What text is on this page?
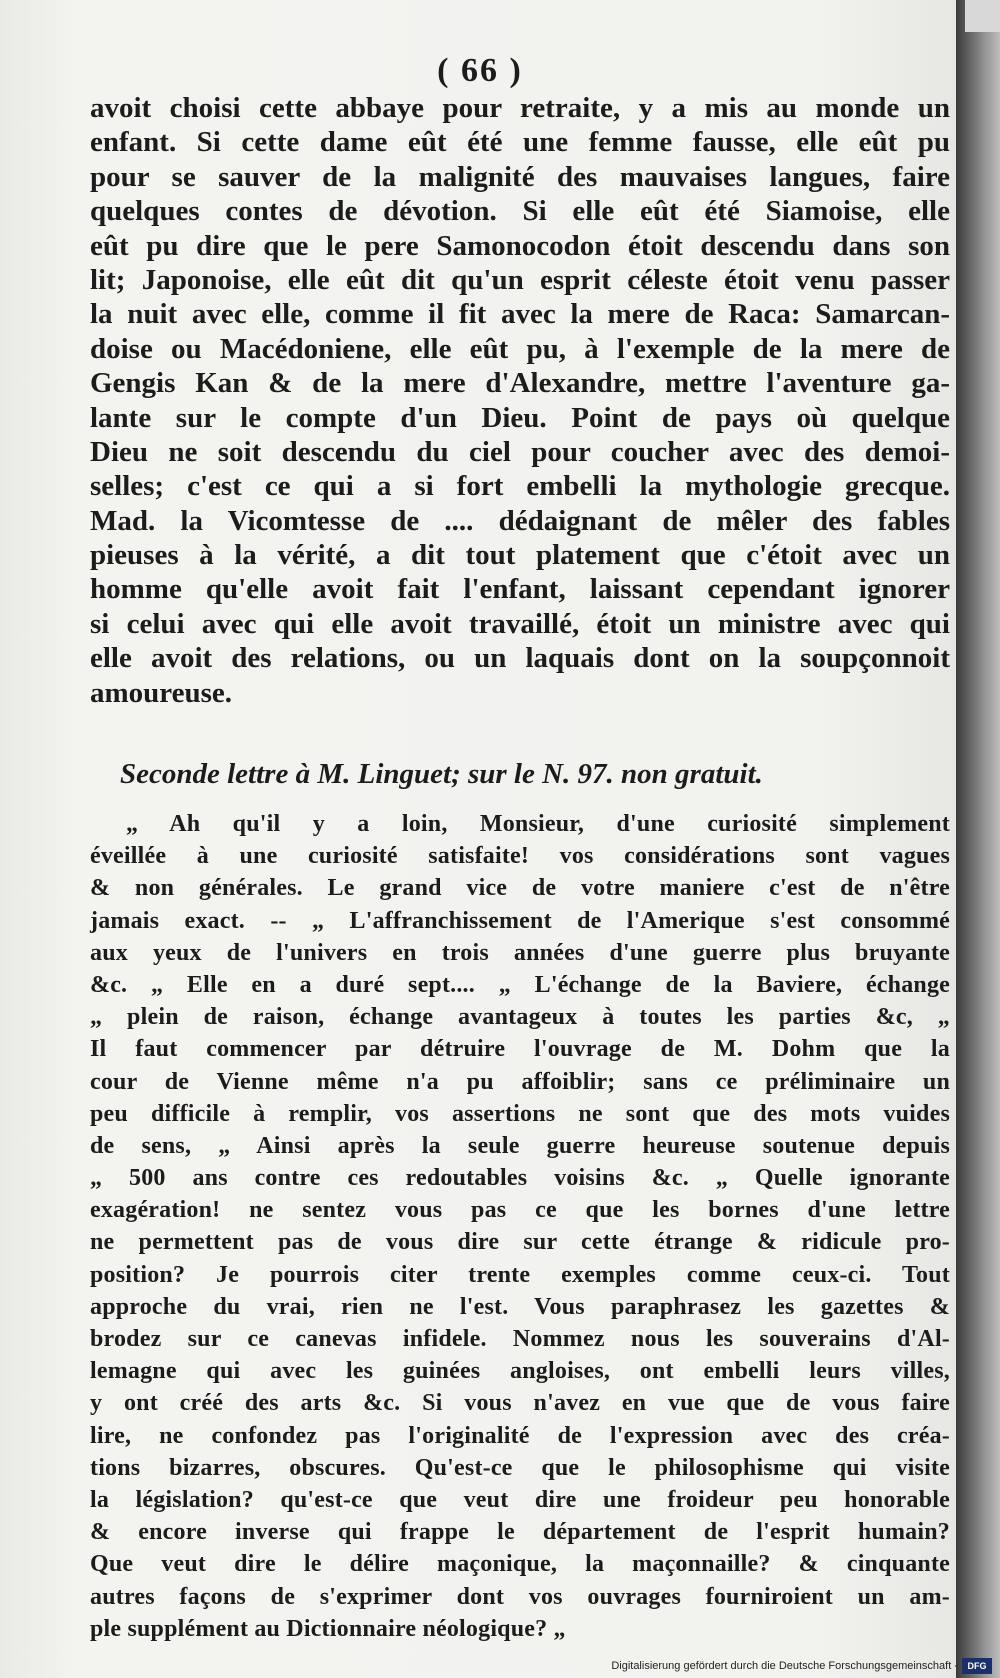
( 66 )
avoit choisi cette abbaye pour retraite, y a mis au monde un
enfant. Si cette dame eût été une femme fausse, elle eût pu
pour se sauver de la malignité des mauvaises langues, faire
quelques contes de dévotion. Si elle eût été Siamoise, elle
eût pu dire que le pere Samonocodon étoit descendu dans son
lit; Japonoise, elle eût dit qu'un esprit céleste étoit venu passer
la nuit avec elle, comme il fit avec la mere de Raca: Samarcan-
doise ou Macédoniene, elle eût pu, à l'exemple de la mere de
Gengis Kan & de la mere d'Alexandre, mettre l'aventure ga-
lante sur le compte d'un Dieu. Point de pays où quelque
Dieu ne soit descendu du ciel pour coucher avec des demoi-
selles; c'est ce qui a si fort embelli la mythologie grecque.
Mad. la Vicomtesse de .... dédaignant de mêler des fables
pieuses à la vérité, a dit tout platement que c'étoit avec un
homme qu'elle avoit fait l'enfant, laissant cependant ignorer
si celui avec qui elle avoit travaillé, étoit un ministre avec qui
elle avoit des relations, ou un laquais dont on la soupçonnoit
amoureuse.
Seconde lettre à M. Linguet; sur le N. 97. non gratuit.
„ Ah qu'il y a loin, Monsieur, d'une curiosité simplement
éveillée à une curiosité satisfaite! vos considérations sont vagues
& non générales. Le grand vice de votre maniere c'est de n'être
jamais exact. -- „ L'affranchissement de l'Amerique s'est consommé
aux yeux de l'univers en trois années d'une guerre plus bruyante
&c. „ Elle en a duré sept.... „ L'échange de la Baviere, échange
„ plein de raison, échange avantageux à toutes les parties &c, „
Il faut commencer par détruire l'ouvrage de M. Dohm que la
cour de Vienne même n'a pu affoiblir; sans ce préliminaire un
peu difficile à remplir, vos assertions ne sont que des mots vuides
de sens, „ Ainsi après la seule guerre heureuse soutenue depuis
„ 500 ans contre ces redoutables voisins &c. „ Quelle ignorante
exagération! ne sentez vous pas ce que les bornes d'une lettre
ne permettent pas de vous dire sur cette étrange & ridicule pro-
position? Je pourrois citer trente exemples comme ceux-ci. Tout
approche du vrai, rien ne l'est. Vous paraphrasez les gazettes &
brodez sur ce canevas infidele. Nommez nous les souverains d'Al-
lemagne qui avec les guinées angloises, ont embelli leurs villes,
y ont créé des arts &c. Si vous n'avez en vue que de vous faire
lire, ne confondez pas l'originalité de l'expression avec des créa-
tions bizarres, obscures. Qu'est-ce que le philosophisme qui visite
la législation? qu'est-ce que veut dire une froideur peu honorable
& encore inverse qui frappe le département de l'esprit humain?
Que veut dire le délire maçonique, la maçonnaille? & cinquante
autres façons de s'exprimer dont vos ouvrages fourniroient un am-
ple supplément au Dictionnaire néologique? „
Digitalisierung gefördert durch die Deutsche Forschungsgemeinschaft -	DFG
